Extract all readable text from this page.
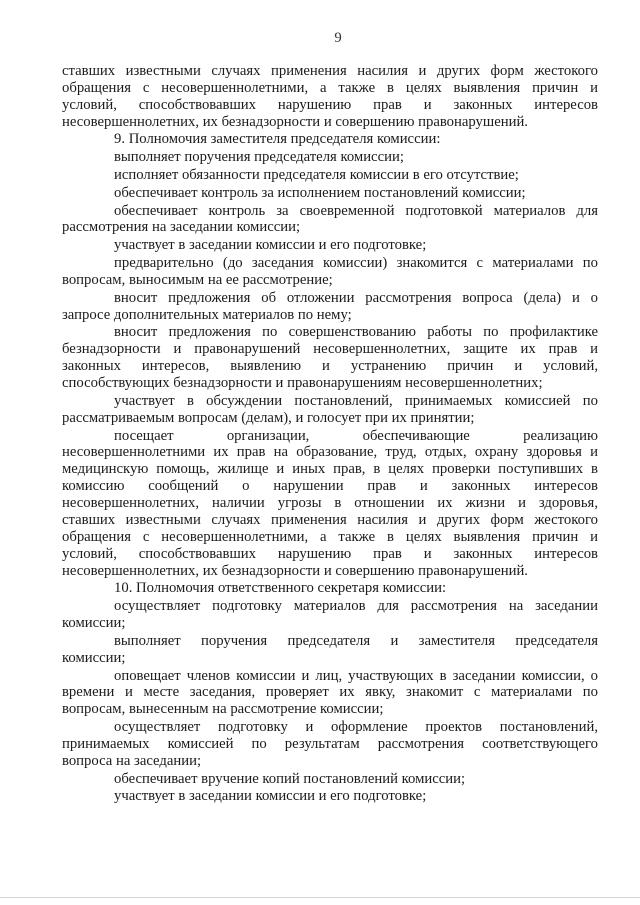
9
ставших известными случаях применения насилия и других форм жестокого
обращения с несовершеннолетними, а также в целях выявления причин и
условий, способствовавших нарушению прав и законных интересов
несовершеннолетних, их безнадзорности и совершению правонарушений.
9. Полномочия заместителя председателя комиссии:
выполняет поручения председателя комиссии;
исполняет обязанности председателя комиссии в его отсутствие;
обеспечивает контроль за исполнением постановлений комиссии;
обеспечивает контроль за своевременной подготовкой материалов для
рассмотрения на заседании комиссии;
участвует в заседании комиссии и его подготовке;
предварительно (до заседания комиссии) знакомится с материалами по
вопросам, выносимым на ее рассмотрение;
вносит предложения об отложении рассмотрения вопроса (дела) и о
запросе дополнительных материалов по нему;
вносит предложения по совершенствованию работы по профилактике
безнадзорности и правонарушений несовершеннолетних, защите их прав и
законных интересов, выявлению и устранению причин и условий,
способствующих безнадзорности и правонарушениям несовершеннолетних;
участвует в обсуждении постановлений, принимаемых комиссией по
рассматриваемым вопросам (делам), и голосует при их принятии;
посещает организации, обеспечивающие реализацию
несовершеннолетними их прав на образование, труд, отдых, охрану здоровья и
медицинскую помощь, жилище и иных прав, в целях проверки поступивших в
комиссию сообщений о нарушении прав и законных интересов
несовершеннолетних, наличии угрозы в отношении их жизни и здоровья,
ставших известными случаях применения насилия и других форм жестокого
обращения с несовершеннолетними, а также в целях выявления причин и
условий, способствовавших нарушению прав и законных интересов
несовершеннолетних, их безнадзорности и совершению правонарушений.
10. Полномочия ответственного секретаря комиссии:
осуществляет подготовку материалов для рассмотрения на заседании
комиссии;
выполняет поручения председателя и заместителя председателя
комиссии;
оповещает членов комиссии и лиц, участвующих в заседании комиссии, о
времени и месте заседания, проверяет их явку, знакомит с материалами по
вопросам, вынесенным на рассмотрение комиссии;
осуществляет подготовку и оформление проектов постановлений,
принимаемых комиссией по результатам рассмотрения соответствующего
вопроса на заседании;
обеспечивает вручение копий постановлений комиссии;
участвует в заседании комиссии и его подготовке;
